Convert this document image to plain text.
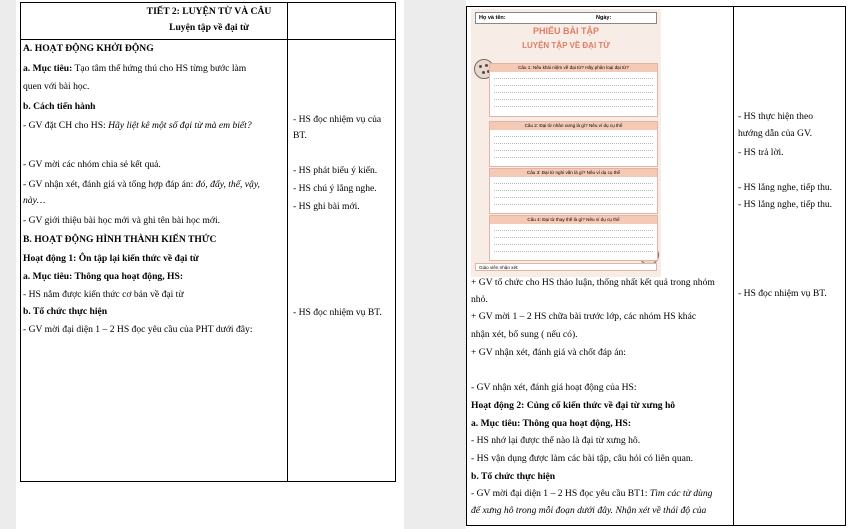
TIẾT 2: LUYỆN TỪ VÀ CÂU
Luyện tập về đại từ
A. HOẠT ĐỘNG KHỞI ĐỘNG
a. Mục tiêu: Tạo tâm thế hứng thú cho HS từng bước làm
quen với bài học.
b. Cách tiến hành
- GV đặt CH cho HS: Hãy liệt kê một số đại từ mà em biết?
- GV mời các nhóm chia sẻ kết quả.
- GV nhận xét, đánh giá và tổng hợp đáp án: đó, đấy, thế, vậy,
này…
- GV giới thiệu bài học mới và ghi tên bài học mới.
B. HOẠT ĐỘNG HÌNH THÀNH KIẾN THỨC
Hoạt động 1: Ôn tập lại kiến thức về đại từ
a. Mục tiêu: Thông qua hoạt động, HS:
- HS nắm được kiến thức cơ bản về đại từ
b. Tổ chức thực hiện
- GV mời đại diện 1 – 2 HS đọc yêu cầu của PHT dưới đây:
- HS đọc nhiệm vụ của
BT.
- HS phát biểu ý kiến.
- HS chú ý lắng nghe.
- HS ghi bài mới.
- HS đọc nhiệm vụ BT.
Họ và tên:	Ngày:
PHIẾU BÀI TẬP
LUYỆN TẬP VỀ ĐẠI TỪ
Câu 1: Nêu khái niệm về đại từ? Hãy phân loại đại từ?
Câu 2: Đại từ nhân xưng là gì? Nêu ví dụ cụ thể
Câu 3: Đại từ nghi vấn là gì? Nêu ví dụ cụ thể
Câu 4: Đại từ thay thế là gì? Nêu ví dụ cụ thể
Giáo viên nhận xét:
+ GV tổ chức cho HS thảo luận, thống nhất kết quả trong nhóm
nhỏ.
+ GV mời 1 – 2 HS chữa bài trước lớp, các nhóm HS khác
nhận xét, bổ sung ( nếu có).
+ GV nhận xét, đánh giá và chốt đáp án:
- GV nhận xét, đánh giá hoạt động của HS:
Hoạt động 2: Củng cố kiến thức về đại từ xưng hô
a. Mục tiêu: Thông qua hoạt động, HS:
- HS nhớ lại được thế nào là đại từ xưng hô.
- HS vận dụng được làm các bài tập, câu hỏi có liên quan.
b. Tổ chức thực hiện
- GV mời đại diện 1 – 2 HS đọc yêu cầu BT1: Tìm các từ dùng
để xưng hô trong mỗi đoạn dưới đây. Nhận xét về thái độ của
- HS thực hiện theo
hướng dẫn của GV.
- HS trả lời.
- HS lắng nghe, tiếp thu.
- HS lắng nghe, tiếp thu.
- HS đọc nhiệm vụ BT.
